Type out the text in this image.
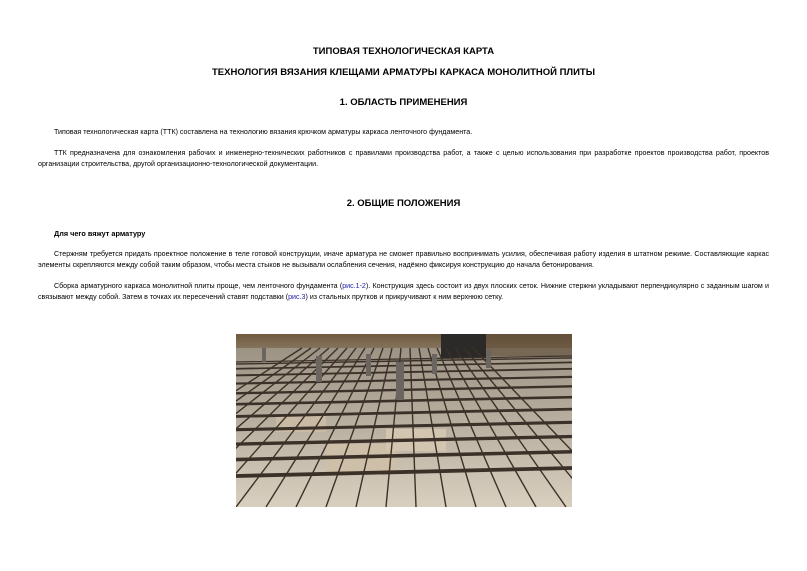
ТИПОВАЯ ТЕХНОЛОГИЧЕСКАЯ КАРТА
ТЕХНОЛОГИЯ ВЯЗАНИЯ КЛЕЩАМИ АРМАТУРЫ КАРКАСА МОНОЛИТНОЙ ПЛИТЫ
1. ОБЛАСТЬ ПРИМЕНЕНИЯ
Типовая технологическая карта (ТТК) составлена на технологию вязания крючком арматуры каркаса ленточного фундамента.
ТТК предназначена для ознакомления рабочих и инженерно-технических работников с правилами производства работ, а также с целью использования при разработке проектов производства работ, проектов организации строительства, другой организационно-технологической документации.
2. ОБЩИЕ ПОЛОЖЕНИЯ
Для чего вяжут арматуру
Стержням требуется придать проектное положение в теле готовой конструкции, иначе арматура не сможет правильно воспринимать усилия, обеспечивая работу изделия в штатном режиме. Составляющие каркас элементы скрепляются между собой таким образом, чтобы места стыков не вызывали ослабления сечения, надёжно фиксируя конструкцию до начала бетонирования.
Сборка арматурного каркаса монолитной плиты проще, чем ленточного фундамента (рис.1-2). Конструкция здесь состоит из двух плоских сеток. Нижние стержни укладывают перпендикулярно с заданным шагом и связывают между собой. Затем в точках их пересечений ставят подставки (рис.3) из стальных прутков и прикручивают к ним верхнюю сетку.
